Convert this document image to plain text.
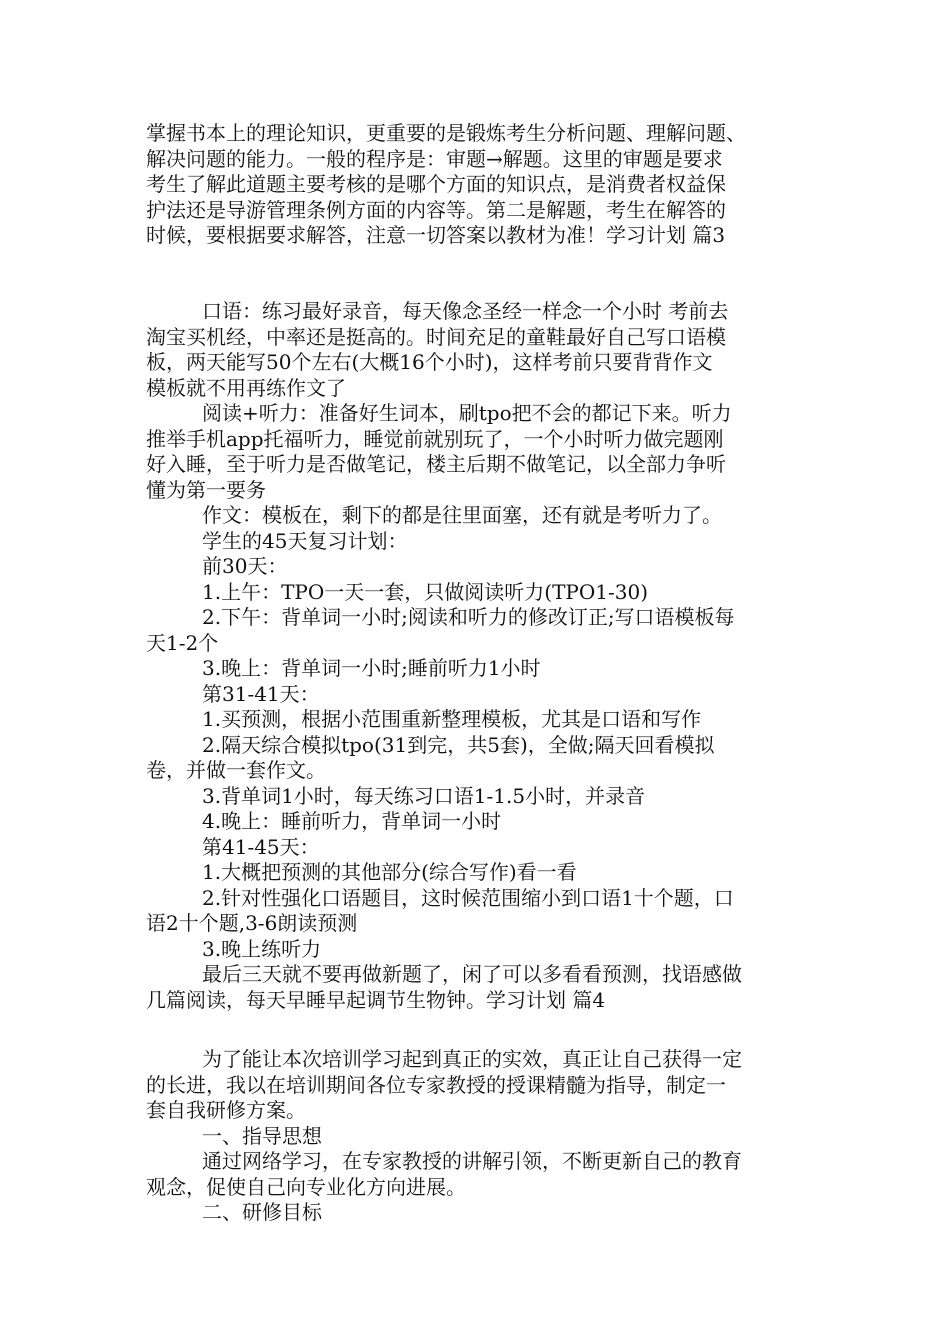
掌握书本上的理论知识，更重要的是锻炼考生分析问题、理解问题、

解决问题的能力。一般的程序是：审题→解题。这里的审题是要求

考生了解此道题主要考核的是哪个方面的知识点，是消费者权益保

护法还是导游管理条例方面的内容等。第二是解题，考生在解答的

时候，要根据要求解答，注意一切答案以教材为准！学习计划 篇3

口语：练习最好录音，每天像念圣经一样念一个小时 考前去

淘宝买机经，中率还是挺高的。时间充足的童鞋最好自己写口语模

板，两天能写50个左右(大概16个小时)，这样考前只要背背作文

模板就不用再练作文了

阅读+听力：准备好生词本，刷tpo把不会的都记下来。听力

推举手机app托福听力，睡觉前就别玩了，一个小时听力做完题刚

好入睡，至于听力是否做笔记，楼主后期不做笔记，以全部力争听

懂为第一要务

作文：模板在，剩下的都是往里面塞，还有就是考听力了。

学生的45天复习计划：

前30天：

1.上午：TPO一天一套，只做阅读听力(TPO1-30)

2.下午：背单词一小时;阅读和听力的修改订正;写口语模板每

天1-2个

3.晚上：背单词一小时;睡前听力1小时

第31-41天：

1.买预测，根据小范围重新整理模板，尤其是口语和写作

2.隔天综合模拟tpo(31到完，共5套)，全做;隔天回看模拟

卷，并做一套作文。

3.背单词1小时，每天练习口语1-1.5小时，并录音

4.晚上：睡前听力，背单词一小时

第41-45天：

1.大概把预测的其他部分(综合写作)看一看

2.针对性强化口语题目，这时候范围缩小到口语1十个题，口

语2十个题,3-6朗读预测

3.晚上练听力

最后三天就不要再做新题了，闲了可以多看看预测，找语感做

几篇阅读，每天早睡早起调节生物钟。学习计划 篇4

为了能让本次培训学习起到真正的实效，真正让自己获得一定

的长进，我以在培训期间各位专家教授的授课精髓为指导，制定一

套自我研修方案。

一、指导思想

通过网络学习，在专家教授的讲解引领，不断更新自己的教育

观念，促使自己向专业化方向进展。

二、研修目标
